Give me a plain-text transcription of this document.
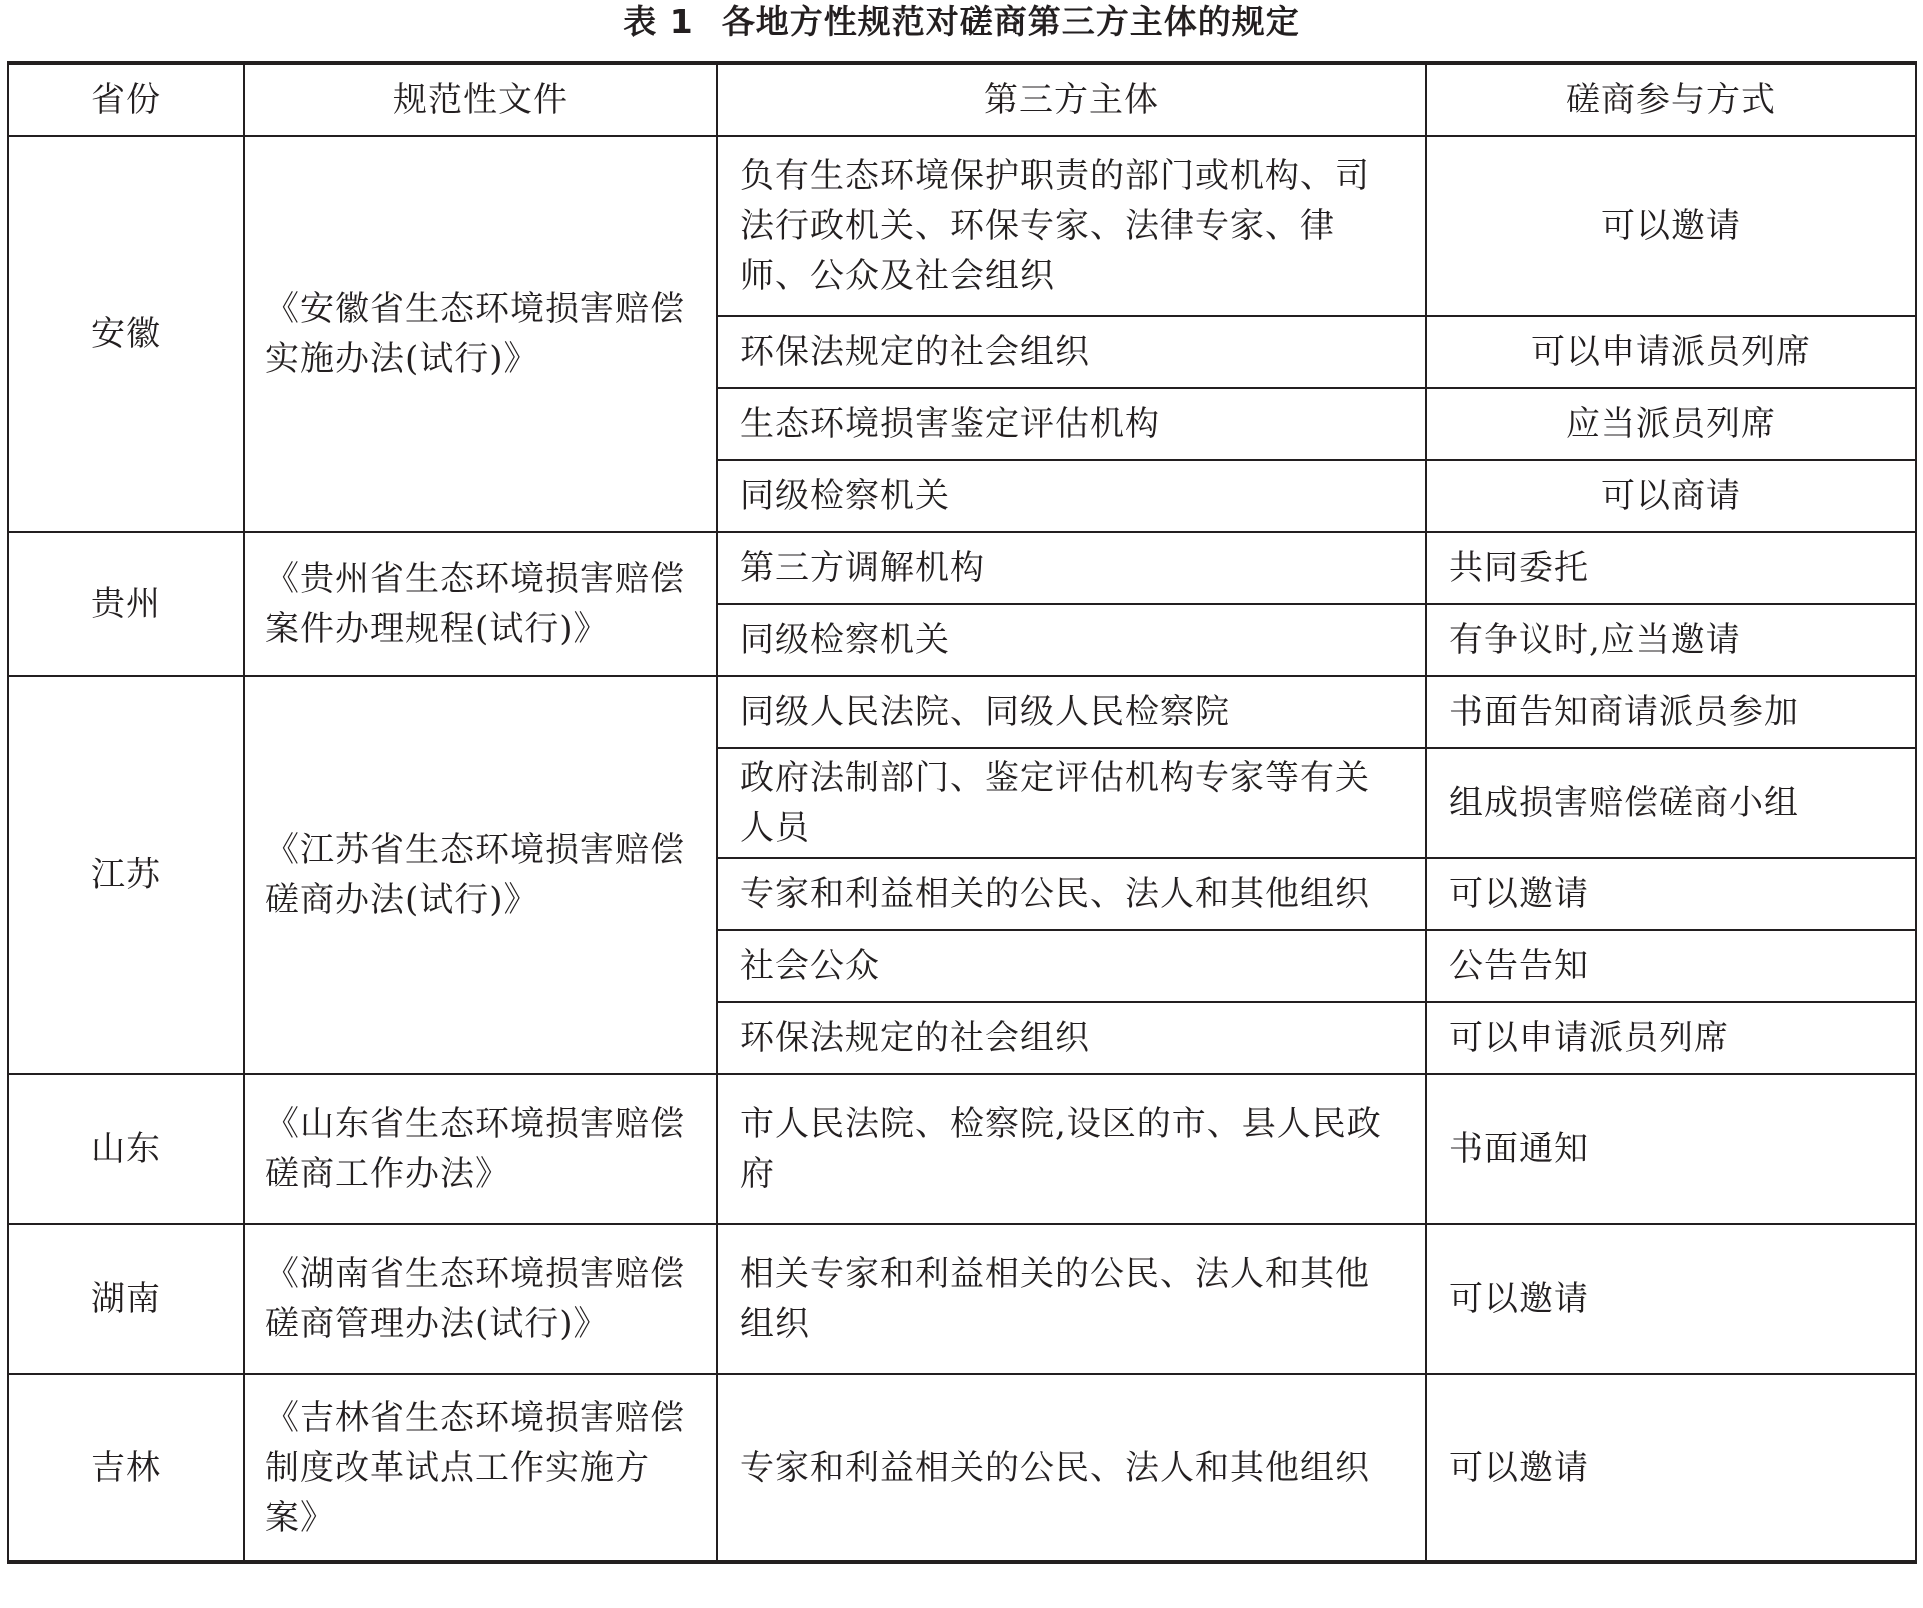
表 1 各地方性规范对磋商第三方主体的规定
省份	规范性文件	第三方主体	磋商参与方式
安徽	《安徽省生态环境损害赔偿实施办法(试行)》	负有生态环境保护职责的部门或机构、司法行政机关、环保专家、法律专家、律师、公众及社会组织	可以邀请
		环保法规定的社会组织	可以申请派员列席
		生态环境损害鉴定评估机构	应当派员列席
		同级检察机关	可以商请
贵州	《贵州省生态环境损害赔偿案件办理规程(试行)》	第三方调解机构	共同委托
		同级检察机关	有争议时,应当邀请
江苏	《江苏省生态环境损害赔偿磋商办法(试行)》	同级人民法院、同级人民检察院	书面告知商请派员参加
		政府法制部门、鉴定评估机构专家等有关人员	组成损害赔偿磋商小组
		专家和利益相关的公民、法人和其他组织	可以邀请
		社会公众	公告告知
		环保法规定的社会组织	可以申请派员列席
山东	《山东省生态环境损害赔偿磋商工作办法》	市人民法院、检察院,设区的市、县人民政府	书面通知
湖南	《湖南省生态环境损害赔偿磋商管理办法(试行)》	相关专家和利益相关的公民、法人和其他组织	可以邀请
吉林	《吉林省生态环境损害赔偿制度改革试点工作实施方案》	专家和利益相关的公民、法人和其他组织	可以邀请
